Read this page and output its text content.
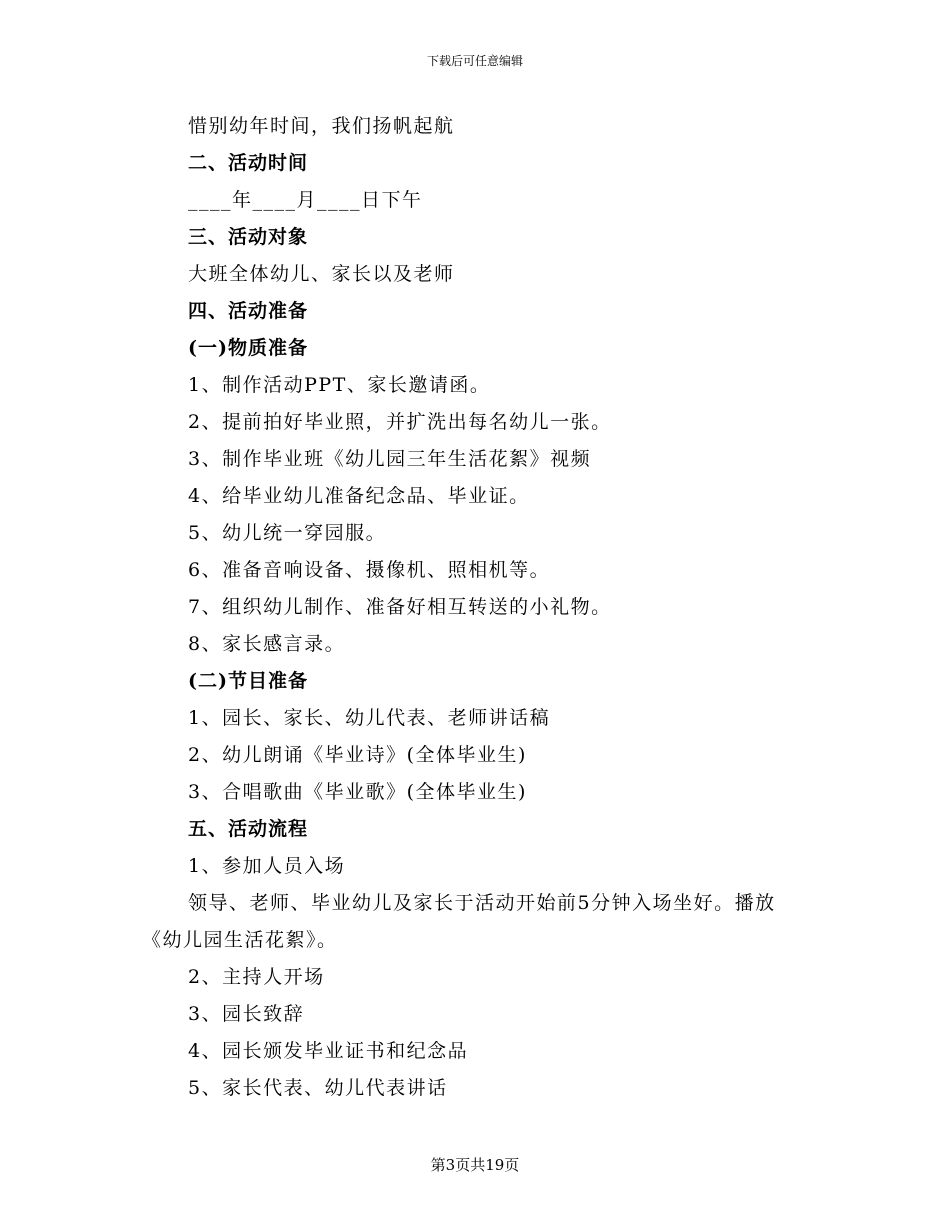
下载后可任意编辑
惜别幼年时间，我们扬帆起航
二、活动时间
____年____月____日下午
三、活动对象
大班全体幼儿、家长以及老师
四、活动准备
(一)物质准备
1、制作活动PPT、家长邀请函。
2、提前拍好毕业照，并扩洗出每名幼儿一张。
3、制作毕业班《幼儿园三年生活花絮》视频
4、给毕业幼儿准备纪念品、毕业证。
5、幼儿统一穿园服。
6、准备音响设备、摄像机、照相机等。
7、组织幼儿制作、准备好相互转送的小礼物。
8、家长感言录。
(二)节目准备
1、园长、家长、幼儿代表、老师讲话稿
2、幼儿朗诵《毕业诗》(全体毕业生)
3、合唱歌曲《毕业歌》(全体毕业生)
五、活动流程
1、参加人员入场

领导、老师、毕业幼儿及家长于活动开始前5分钟入场坐好。播放《幼儿园生活花絮》。

2、主持人开场
3、园长致辞
4、园长颁发毕业证书和纪念品
5、家长代表、幼儿代表讲话
第3页共19页
